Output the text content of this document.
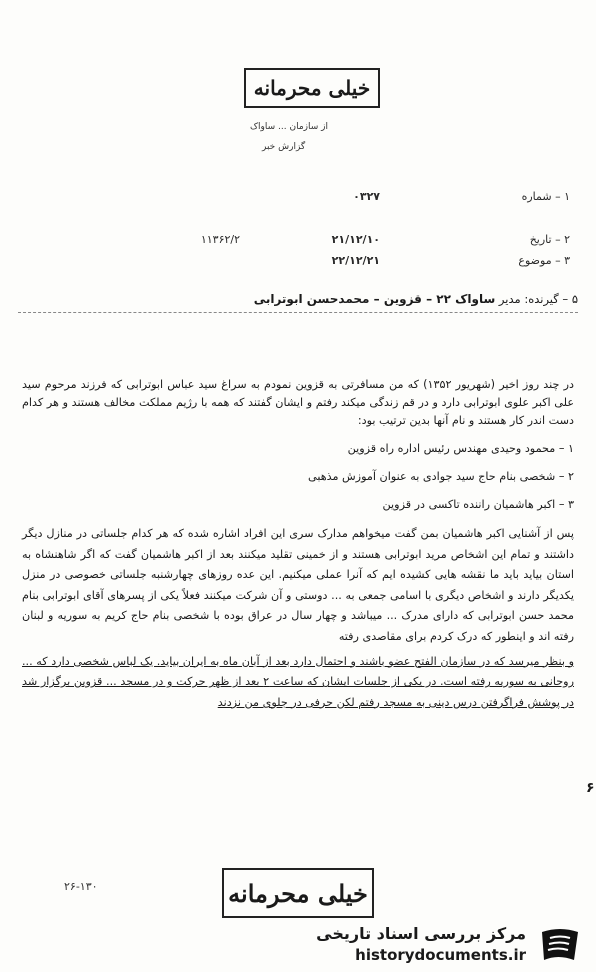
خیلی محرمانه
از سازمان ... ساواک
گزارش خبر
۱ – شماره
۰۳۲۷
۲ – تاریخ
۲۱/۱۲/۱۰
۱۱۳۶۲/۲
۳ – موضوع
۲۲/۱۲/۲۱
۵ – گیرنده: مدیر ساواک ۲۲ – قزوین – محمدحسن ابوترابی

در چند روز اخیر (شهریور ۱۳۵۲) که من مسافرتی به قزوین نمودم به سراغ سید عباس ابوترابی که فرزند مرحوم سید علی اکبر علوی ابوترابی دارد و در قم زندگی میکند رفتم و ایشان گفتند که همه با رژیم مملکت مخالف هستند و هر کدام دست اندر کار هستند و نام آنها بدین ترتیب بود:

۱ – محمود وحیدی مهندس رئیس اداره راه قزوین
۲ – شخصی بنام حاج سید جوادی به عنوان آموزش مذهبی
۳ – اکبر هاشمیان راننده تاکسی در قزوین

پس از آشنایی اکبر هاشمیان بمن گفت میخواهم مدارک سری این افراد اشاره شده که هر کدام جلساتی در منازل دیگر داشتند و تمام این اشخاص مرید ابوترابی هستند و از خمینی تقلید میکنند بعد از اکبر هاشمیان گفت که اگر شاهنشاه به استان بیاید باید ما نقشه هایی کشیده ایم که آنرا عملی میکنیم. این عده روزهای چهارشنبه جلساتی خصوصی در منزل یکدیگر دارند و اشخاص دیگری با اسامی جمعی به ... دوستی و آن شرکت میکنند فعلاً یکی از پسرهای آقای ابوترابی بنام محمد حسن ابوترابی که دارای مدرک ... میباشد و چهار سال در عراق بوده با شخصی بنام حاج کریم به سوریه و لبنان رفته اند و اینطور که درک کردم برای مقاصدی رفته

و بنظر میرسد که در سازمان الفتح عضو باشند و احتمال دارد بعد از آبان ماه به ایران بیاید. یک لباس شخصی دارد که ... روحانی به سوریه رفته است. در یکی از جلسات ایشان که ساعت ۲ بعد از ظهر حرکت و در مسجد ... قزوین برگزار شد در پوشش فراگرفتن درس دینی به مسجد رفتم لکن حرفی در جلوی من نزدند

۶
۲۶-۱۳۰	خیلی محرمانه
مرکز بررسی اسناد تاریخی
historydocuments.ir
